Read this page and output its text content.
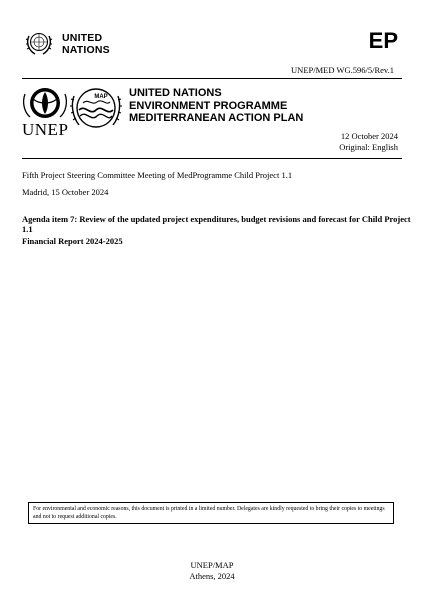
UNITED
NATIONS	EP
UNEP/MED WG.596/5/Rev.1
UNEP
MAP UNITED NATIONS
ENVIRONMENT PROGRAMME
MEDITERRANEAN ACTION PLAN
12 October 2024
Original: English
Fifth Project Steering Committee Meeting of MedProgramme Child Project 1.1
Madrid, 15 October 2024
Agenda item 7: Review of the updated project expenditures, budget revisions and forecast for Child Project 1.1
Financial Report 2024-2025
For environmental and economic reasons, this document is printed in a limited number. Delegates are kindly requested to bring their copies to meetings and not to request additional copies.
UNEP/MAP
Athens, 2024
